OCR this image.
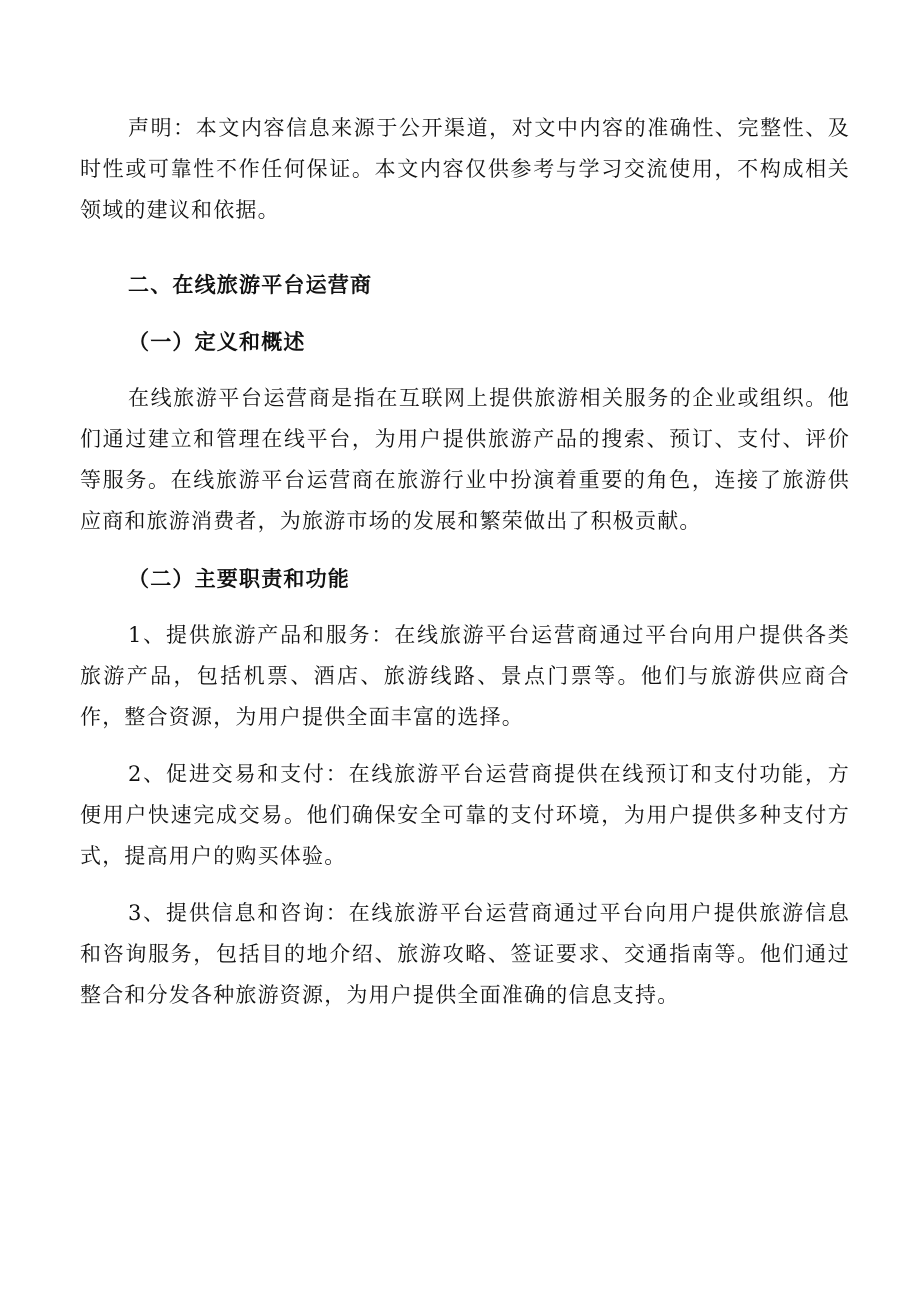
声明：本文内容信息来源于公开渠道，对文中内容的准确性、完整性、及时性或可靠性不作任何保证。本文内容仅供参考与学习交流使用，不构成相关领域的建议和依据。

二、在线旅游平台运营商
（一）定义和概述

在线旅游平台运营商是指在互联网上提供旅游相关服务的企业或组织。他们通过建立和管理在线平台，为用户提供旅游产品的搜索、预订、支付、评价等服务。在线旅游平台运营商在旅游行业中扮演着重要的角色，连接了旅游供应商和旅游消费者，为旅游市场的发展和繁荣做出了积极贡献。

（二）主要职责和功能

1、提供旅游产品和服务：在线旅游平台运营商通过平台向用户提供各类旅游产品，包括机票、酒店、旅游线路、景点门票等。他们与旅游供应商合作，整合资源，为用户提供全面丰富的选择。

2、促进交易和支付：在线旅游平台运营商提供在线预订和支付功能，方便用户快速完成交易。他们确保安全可靠的支付环境，为用户提供多种支付方式，提高用户的购买体验。

3、提供信息和咨询：在线旅游平台运营商通过平台向用户提供旅游信息和咨询服务，包括目的地介绍、旅游攻略、签证要求、交通指南等。他们通过整合和分发各种旅游资源，为用户提供全面准确的信息支持。
